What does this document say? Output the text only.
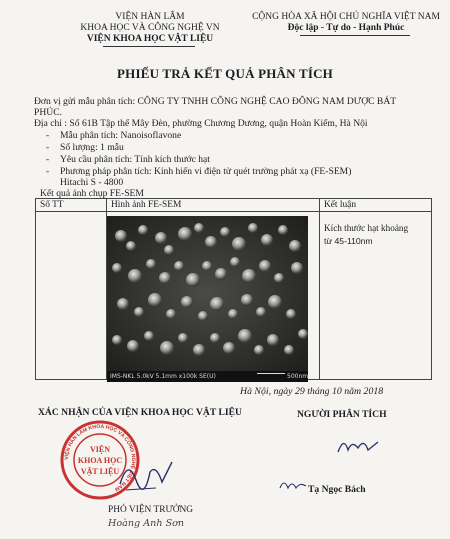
VIỆN HÀN LÂM
KHOA HỌC VÀ CÔNG NGHỆ VN
VIỆN KHOA HỌC VẬT LIỆU
CỘNG HÒA XÃ HỘI CHỦ NGHĨA VIỆT NAM
Độc lập - Tự do - Hạnh Phúc
PHIẾU TRẢ KẾT QUẢ PHÂN TÍCH
Đơn vị gửi mẫu phân tích: CÔNG TY TNHH CÔNG NGHỆ CAO ĐÔNG NAM DƯỢC BÁT
PHÚC.
Địa chỉ : Số 61B Tập thể Mây Đèn, phường Chương Dương, quận Hoàn Kiếm, Hà Nội
- Mẫu phân tích: Nanoisoflavone
- Số lượng: 1 mẫu
- Yêu cầu phân tích: Tính kích thước hạt
- Phương pháp phân tích: Kính hiển vi điện tử quét trường phát xạ (FE-SEM)
Hitachi S - 4800
Kết quả ảnh chụp FE-SEM
Số TT	Hình ảnh FE-SEM	Kết luận

		Kích thước hạt khoảng
từ 45-110nm
IMS-NKL 5.0kV 5.1mm x100k SE(U)	500nm
Hà Nội, ngày 29 tháng 10 năm 2018
XÁC NHẬN CỦA VIỆN KHOA HỌC VẬT LIỆU	NGƯỜI PHÂN TÍCH
VIỆN HÀN LÂM KHOA HỌC VÀ CÔNG NGHỆ VIỆT NAM
VIỆN
KHOA HỌC
VẬT LIỆU
Tạ Ngọc Bách
PHÓ VIỆN TRƯỞNG
Hoàng Anh Sơn
